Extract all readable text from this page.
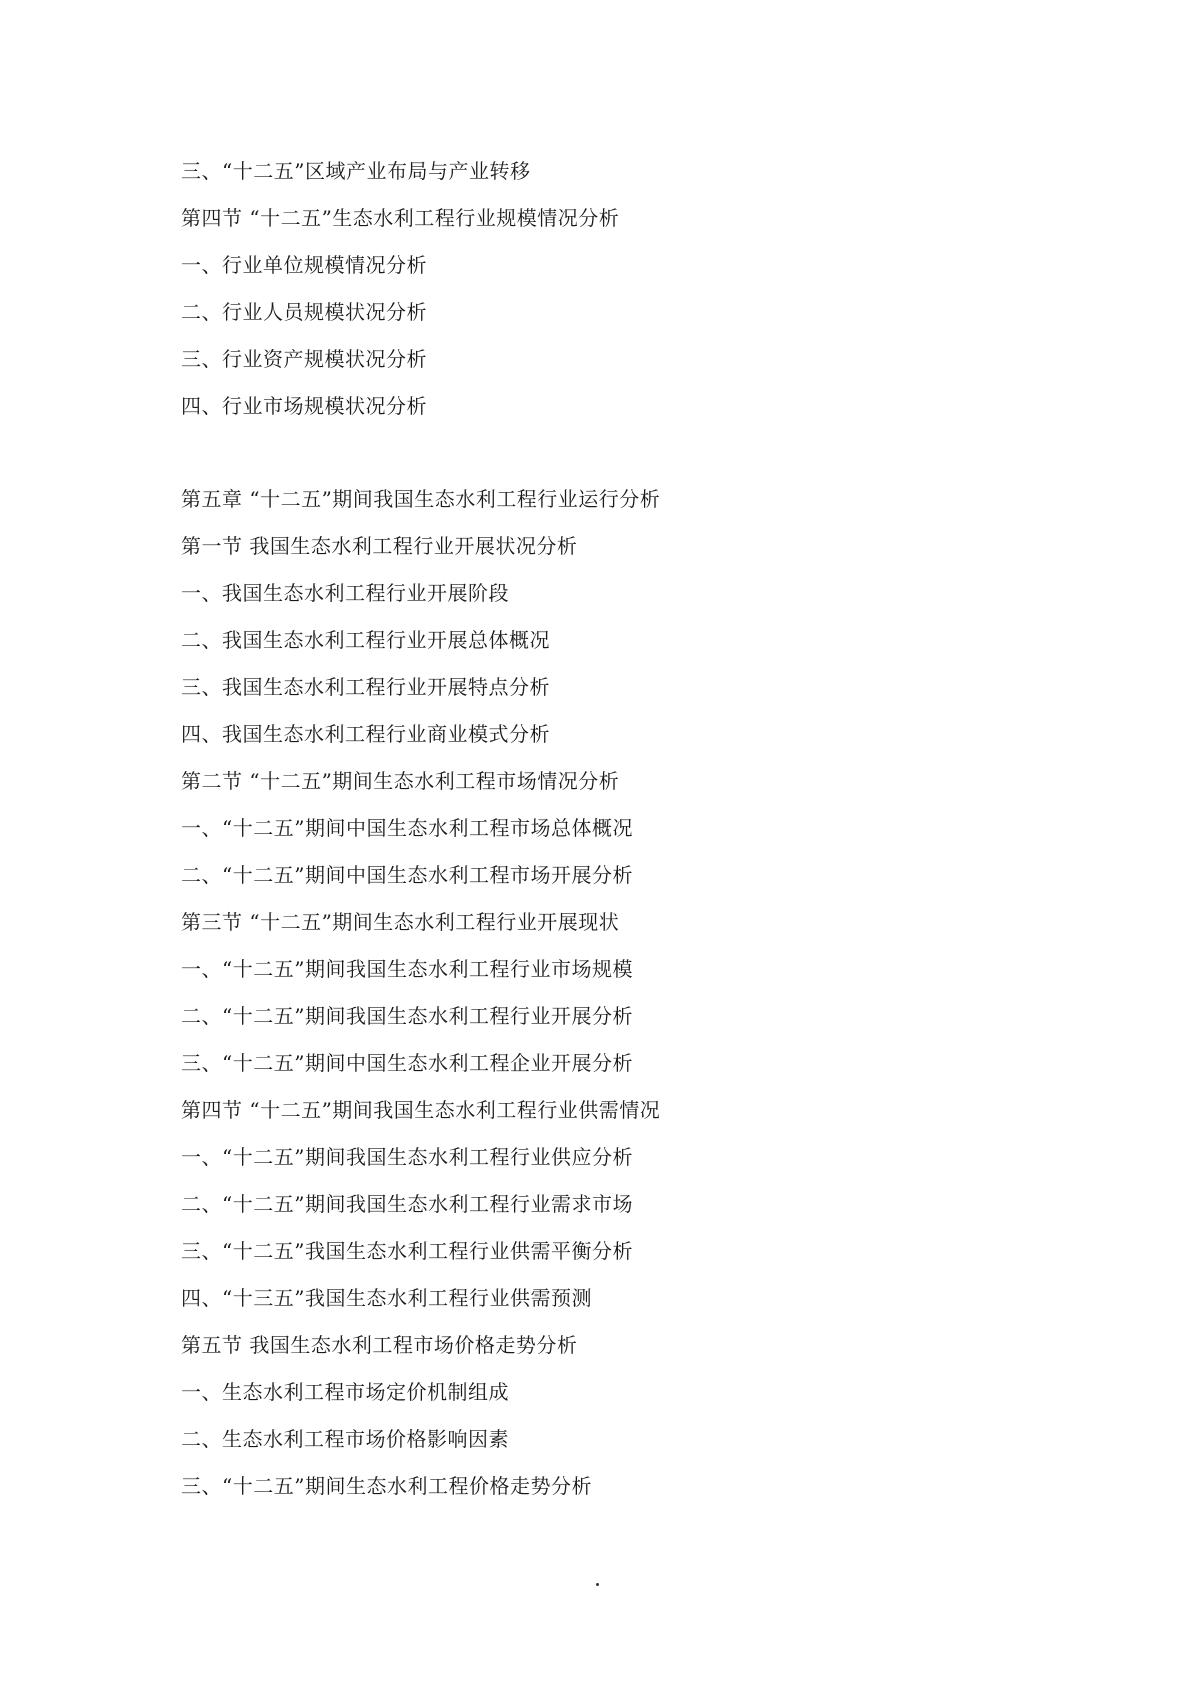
三、“十二五”区域产业布局与产业转移
第四节 “十二五”生态水利工程行业规模情况分析
一、行业单位规模情况分析
二、行业人员规模状况分析
三、行业资产规模状况分析
四、行业市场规模状况分析
第五章 “十二五”期间我国生态水利工程行业运行分析
第一节 我国生态水利工程行业开展状况分析
一、我国生态水利工程行业开展阶段
二、我国生态水利工程行业开展总体概况
三、我国生态水利工程行业开展特点分析
四、我国生态水利工程行业商业模式分析
第二节 “十二五”期间生态水利工程市场情况分析
一、“十二五”期间中国生态水利工程市场总体概况
二、“十二五”期间中国生态水利工程市场开展分析
第三节 “十二五”期间生态水利工程行业开展现状
一、“十二五”期间我国生态水利工程行业市场规模
二、“十二五”期间我国生态水利工程行业开展分析
三、“十二五”期间中国生态水利工程企业开展分析
第四节 “十二五”期间我国生态水利工程行业供需情况
一、“十二五”期间我国生态水利工程行业供应分析
二、“十二五”期间我国生态水利工程行业需求市场
三、“十二五”我国生态水利工程行业供需平衡分析
四、“十三五”我国生态水利工程行业供需预测
第五节 我国生态水利工程市场价格走势分析
一、生态水利工程市场定价机制组成
二、生态水利工程市场价格影响因素
三、“十二五”期间生态水利工程价格走势分析
